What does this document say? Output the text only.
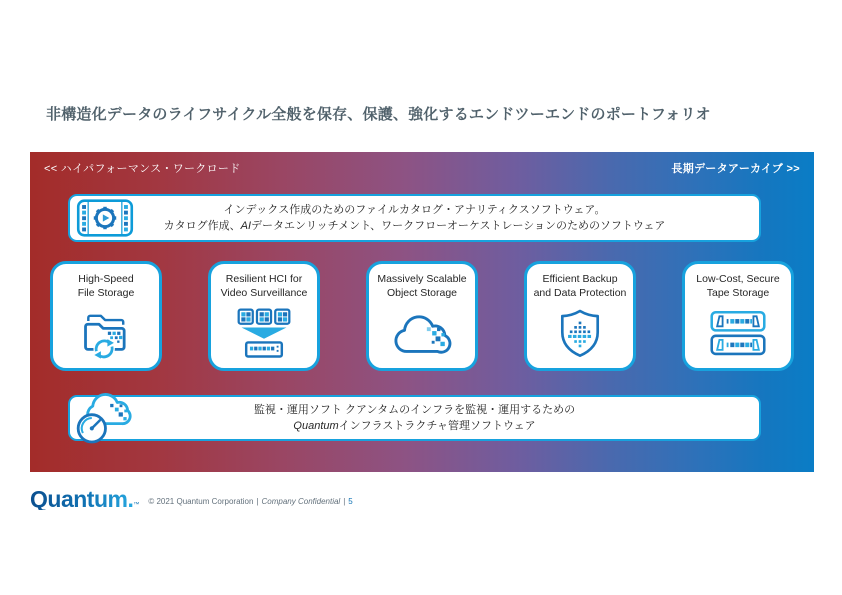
非構造化データのライフサイクル全般を保存、保護、強化するエンドツーエンドのポートフォリオ
<< ハイパフォーマンス・ワークロード	長期データアーカイブ >>
インデックス作成のためのファイルカタログ・アナリティクスソフトウェア。
カタログ作成、AIデータエンリッチメント、ワークフローオーケストレーションのためのソフトウェア
High-Speed
File Storage
Resilient HCI for
Video Surveillance
Massively Scalable
Object Storage
Efficient Backup
and Data Protection
Low-Cost, Secure
Tape Storage
監視・運用ソフト クアンタムのインフラを監視・運用するための
Quantumインフラストラクチャ管理ソフトウェア
Quantum. ™ © 2021 Quantum Corporation | Company Confidential | 5
